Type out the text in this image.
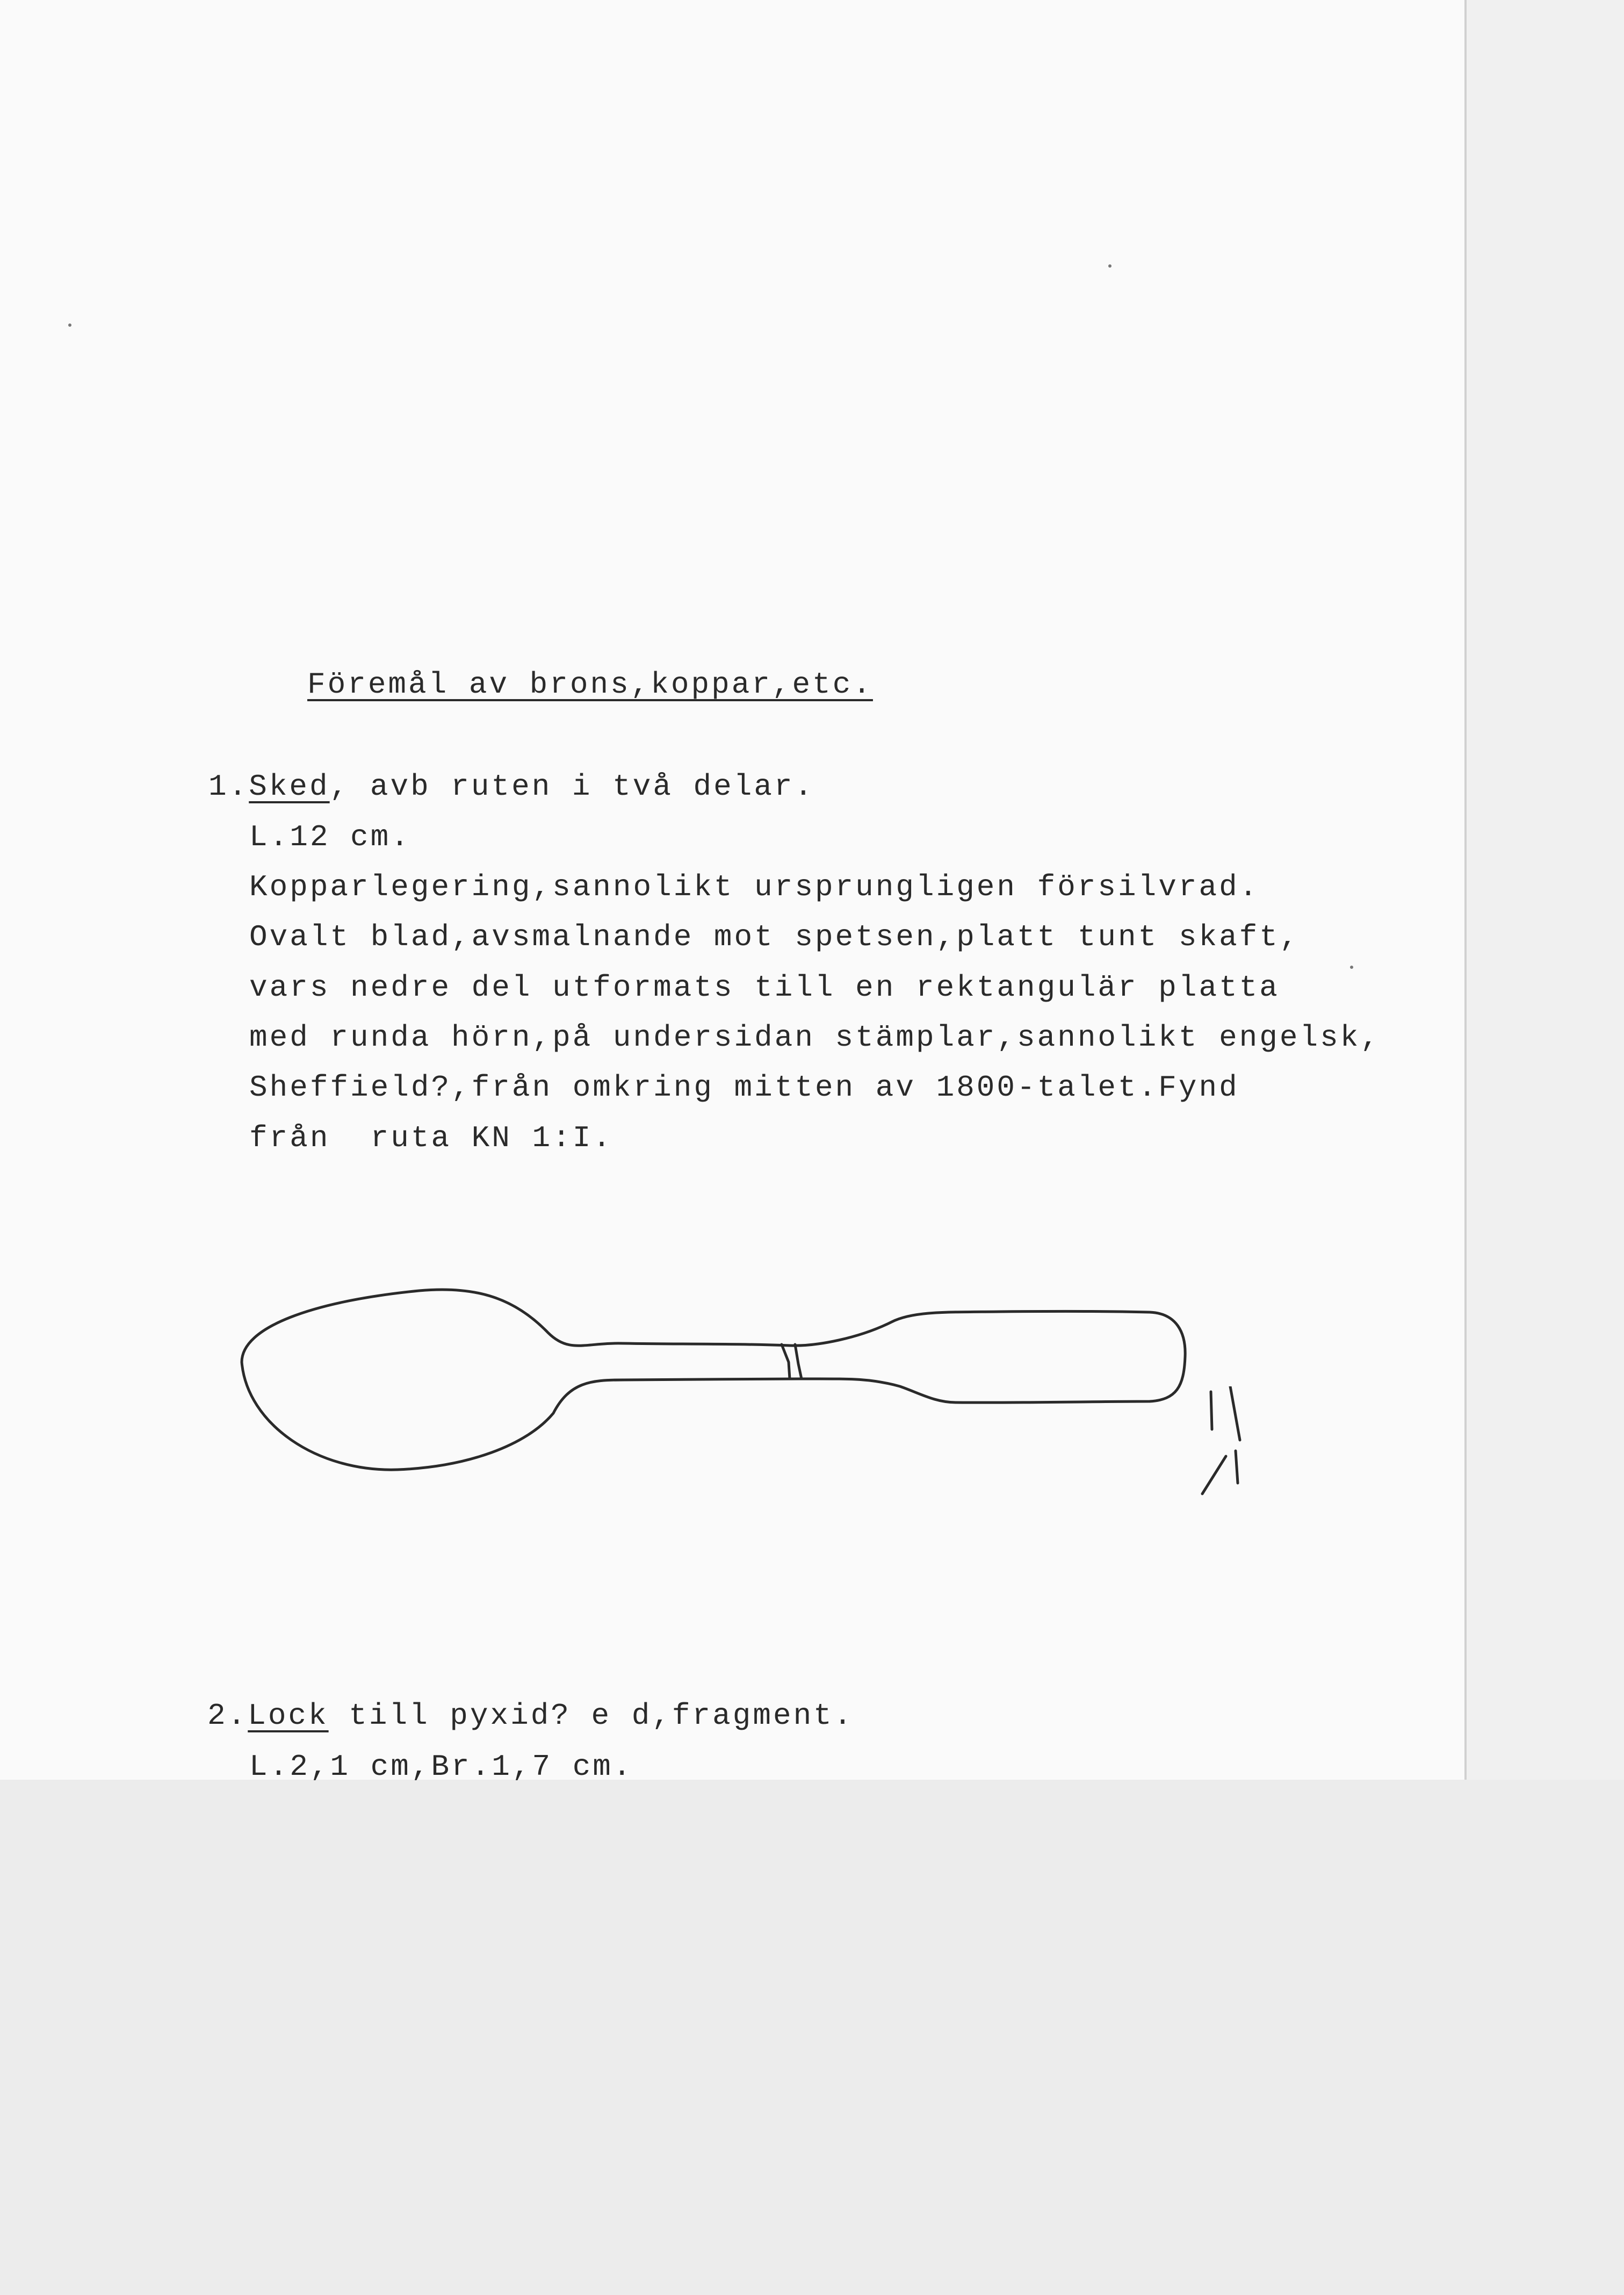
Föremål av brons,koppar,etc.
1.Sked, avb ruten i två delar.
L.12 cm.
Kopparlegering,sannolikt ursprungligen försilvrad.
Ovalt blad,avsmalnande mot spetsen,platt tunt skaft,
vars nedre del utformats till en rektangulär platta
med runda hörn,på undersidan stämplar,sannolikt engelsk,
Sheffield?,från omkring mitten av 1800-talet.Fynd
från  ruta KN 1:I.
2.Lock till pyxid? e d,fragment.
L.2,1 cm,Br.1,7 cm.
